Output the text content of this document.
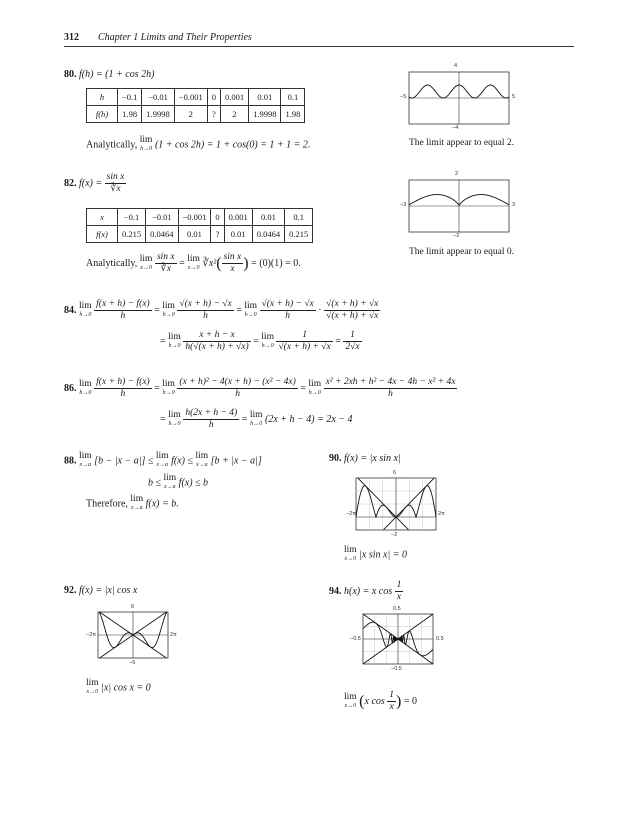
312 Chapter 1 Limits and Their Properties
80. f(h) = (1 + cos 2h)
h	−0.1	−0.01	−0.001	0	0.001	0.01	0.1
f(h)	1.98	1.9998	2	?	2	1.9998	1.98
Analytically, lim
h→0 (1 + cos 2h) = 1 + cos(0) = 1 + 1 = 2.
4
−4
−5	5
The limit appear to equal 2.
82. $f(x) = \frac{\text{sin x}}{∛x}$
x	−0.1	−0.01	−0.001	0	0.001	0.01	0.1
f(x)	0.215	0.0464	0.01	?	0.01	0.0464	0.215
Analytically, lim
x→0
$\frac{\text{sin x}}{∛x} = \lim$
x→0 ∛x²( $\frac{\text{sin x}}{x}$ ) = (0)(1) = 0.
2
−2
−3	3
The limit appear to equal 0.
84. lim
h→0
$\frac{f(x + h) - f(x)}{h} = \lim$
h→0
$\frac{√(x + h) - √x}{h} = \lim$
h→0
$\frac{√(x + h) - √x}{h} \cdot \frac{√(x + h) + √x}{√(x + h) + √x}$
= lim
h→0
$\frac{x + h - x}{h(√(x + h) + √x)} = \lim$
h→0
$\frac{1}{√(x + h) + √x} = \frac{1}{2√x}$
86. lim
h→0
$\frac{f(x + h) - f(x)}{h} = \lim$
h→0
$\frac{\text{(x + h)² − 4(x + h) − (x² − 4x)}}{h} = \lim$
h→0
$\frac{\text{x² + 2xh + h² − 4x − 4h − x² + 4x}}{h}$
= lim
h→0
$\frac{h(2x + h - 4)}{h} = \lim$
h→0 (2x + h − 4) = 2x − 4
88. lim
x→a [b − |x − a|] ≤ lim
x→a f(x) ≤ lim
x→a [b + |x − a|]
b ≤ lim
x→a f(x) ≤ b
Therefore, lim
x→a f(x) = b.
90. f(x) = |x sin x|
6
−2
−2π	2π
lim
x→0 |x sin x| = 0
92. f(x) = |x| cos x
6
−6
−2π	2π
lim
x→0 |x| cos x = 0
94. h(x) = x $\cos \frac{1}{x}$
0.5
−0.5
−0.5	0.5
lim
x→0 (x $\cos \frac{1}{x}$ ) = 0
